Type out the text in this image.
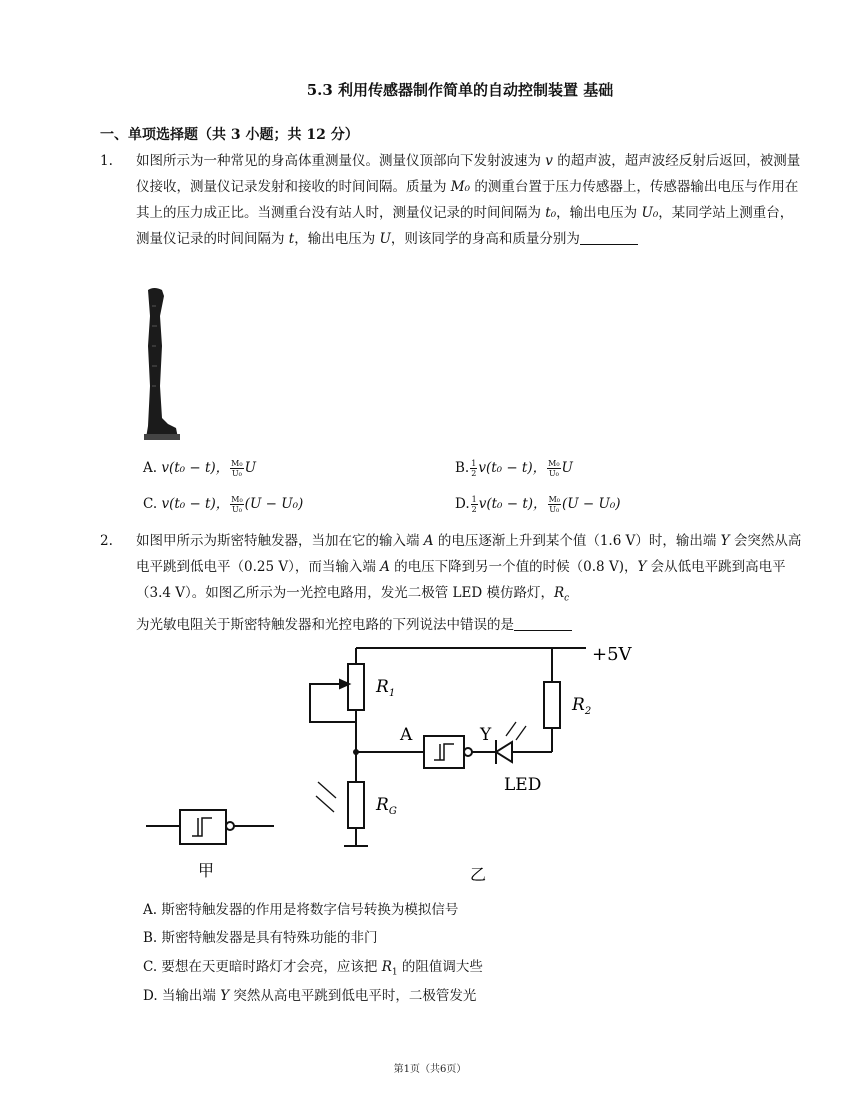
5.3 利用传感器制作简单的自动控制装置 基础
一、单项选择题（共 3 小题；共 12 分）
1. 如图所示为一种常见的身高体重测量仪。测量仪顶部向下发射波速为 v 的超声波，超声波经反射后返回，被测量仪接收，测量仪记录发射和接收的时间间隔。质量为 M₀ 的测重台置于压力传感器上，传感器输出电压与作用在其上的压力成正比。当测重台没有站人时，测量仪记录的时间间隔为 t₀，输出电压为 U₀，某同学站上测重台，测量仪记录的时间间隔为 t，输出电压为 U，则该同学的身高和质量分别为
A. v(t₀ − t)， $\frac{\text{M₀}}{\text{U₀}}$ U	B. $\frac{1}{2} v(t_0 - t)$， $\frac{\text{M₀}}{\text{U₀}}$ U
C. v(t₀ − t)， $\frac{\text{M₀}}{\text{U₀}} (U - U_0)$	D. $\frac{1}{2} v(t_0 - t)$， $\frac{\text{M₀}}{\text{U₀}} (U - U_0)$
2. 如图甲所示为斯密特触发器，当加在它的输入端 A 的电压逐渐上升到某个值（1.6 V）时，输出端 Y 会突然从高电平跳到低电平（0.25 V），而当输入端 A 的电压下降到另一个值的时候（0.8 V)，Y 会从低电平跳到高电平（3.4 V）。如图乙所示为一光控电路用，发光二极管 LED 模仿路灯，$R_c$
为光敏电阻关于斯密特触发器和光控电路的下列说法中错误的是
+5V
$R_1$
$R_2$
$R_G$
A	Y
LED
甲	乙
A. 斯密特触发器的作用是将数字信号转换为模拟信号
B. 斯密特触发器是具有特殊功能的非门
C. 要想在天更暗时路灯才会亮，应该把 $R_1$ 的阻值调大些
D. 当输出端 Y 突然从高电平跳到低电平时，二极管发光
第1页（共6页）
